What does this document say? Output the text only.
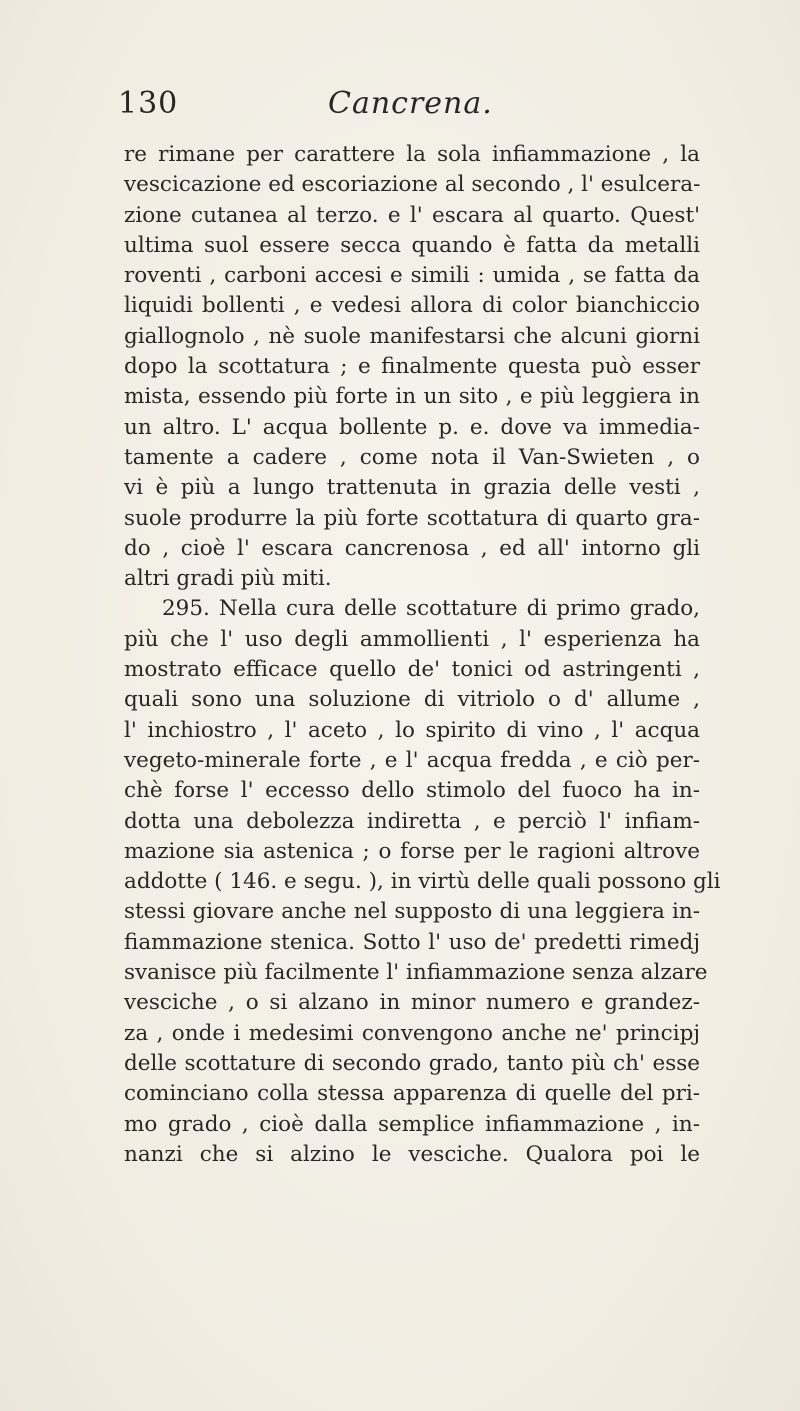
130	Cancrena.
re rimane per carattere la sola infiammazione , la
vescicazione ed escoriazione al secondo , l' esulcera-
zione cutanea al terzo. e l' escara al quarto. Quest'
ultima suol essere secca quando è fatta da metalli
roventi , carboni accesi e simili : umida , se fatta da
liquidi bollenti , e vedesi allora di color bianchiccio
giallognolo , nè suole manifestarsi che alcuni giorni
dopo la scottatura ; e finalmente questa può esser
mista, essendo più forte in un sito , e più leggiera in
un altro. L' acqua bollente p. e. dove va immedia-
tamente a cadere , come nota il Van-Swieten , o
vi è più a lungo trattenuta in grazia delle vesti ,
suole produrre la più forte scottatura di quarto gra-
do , cioè l' escara cancrenosa , ed all' intorno gli
altri gradi più miti.
295. Nella cura delle scottature di primo grado,
più che l' uso degli ammollienti , l' esperienza ha
mostrato efficace quello de' tonici od astringenti ,
quali sono una soluzione di vitriolo o d' allume ,
l' inchiostro , l' aceto , lo spirito di vino , l' acqua
vegeto-minerale forte , e l' acqua fredda , e ciò per-
chè forse l' eccesso dello stimolo del fuoco ha in-
dotta una debolezza indiretta , e perciò l' infiam-
mazione sia astenica ; o forse per le ragioni altrove
addotte ( 146. e segu. ), in virtù delle quali possono gli
stessi giovare anche nel supposto di una leggiera in-
fiammazione stenica. Sotto l' uso de' predetti rimedj
svanisce più facilmente l' infiammazione senza alzare
vesciche , o si alzano in minor numero e grandez-
za , onde i medesimi convengono anche ne' principj
delle scottature di secondo grado, tanto più ch' esse
cominciano colla stessa apparenza di quelle del pri-
mo grado , cioè dalla semplice infiammazione , in-
nanzi che si alzino le vesciche. Qualora poi le
